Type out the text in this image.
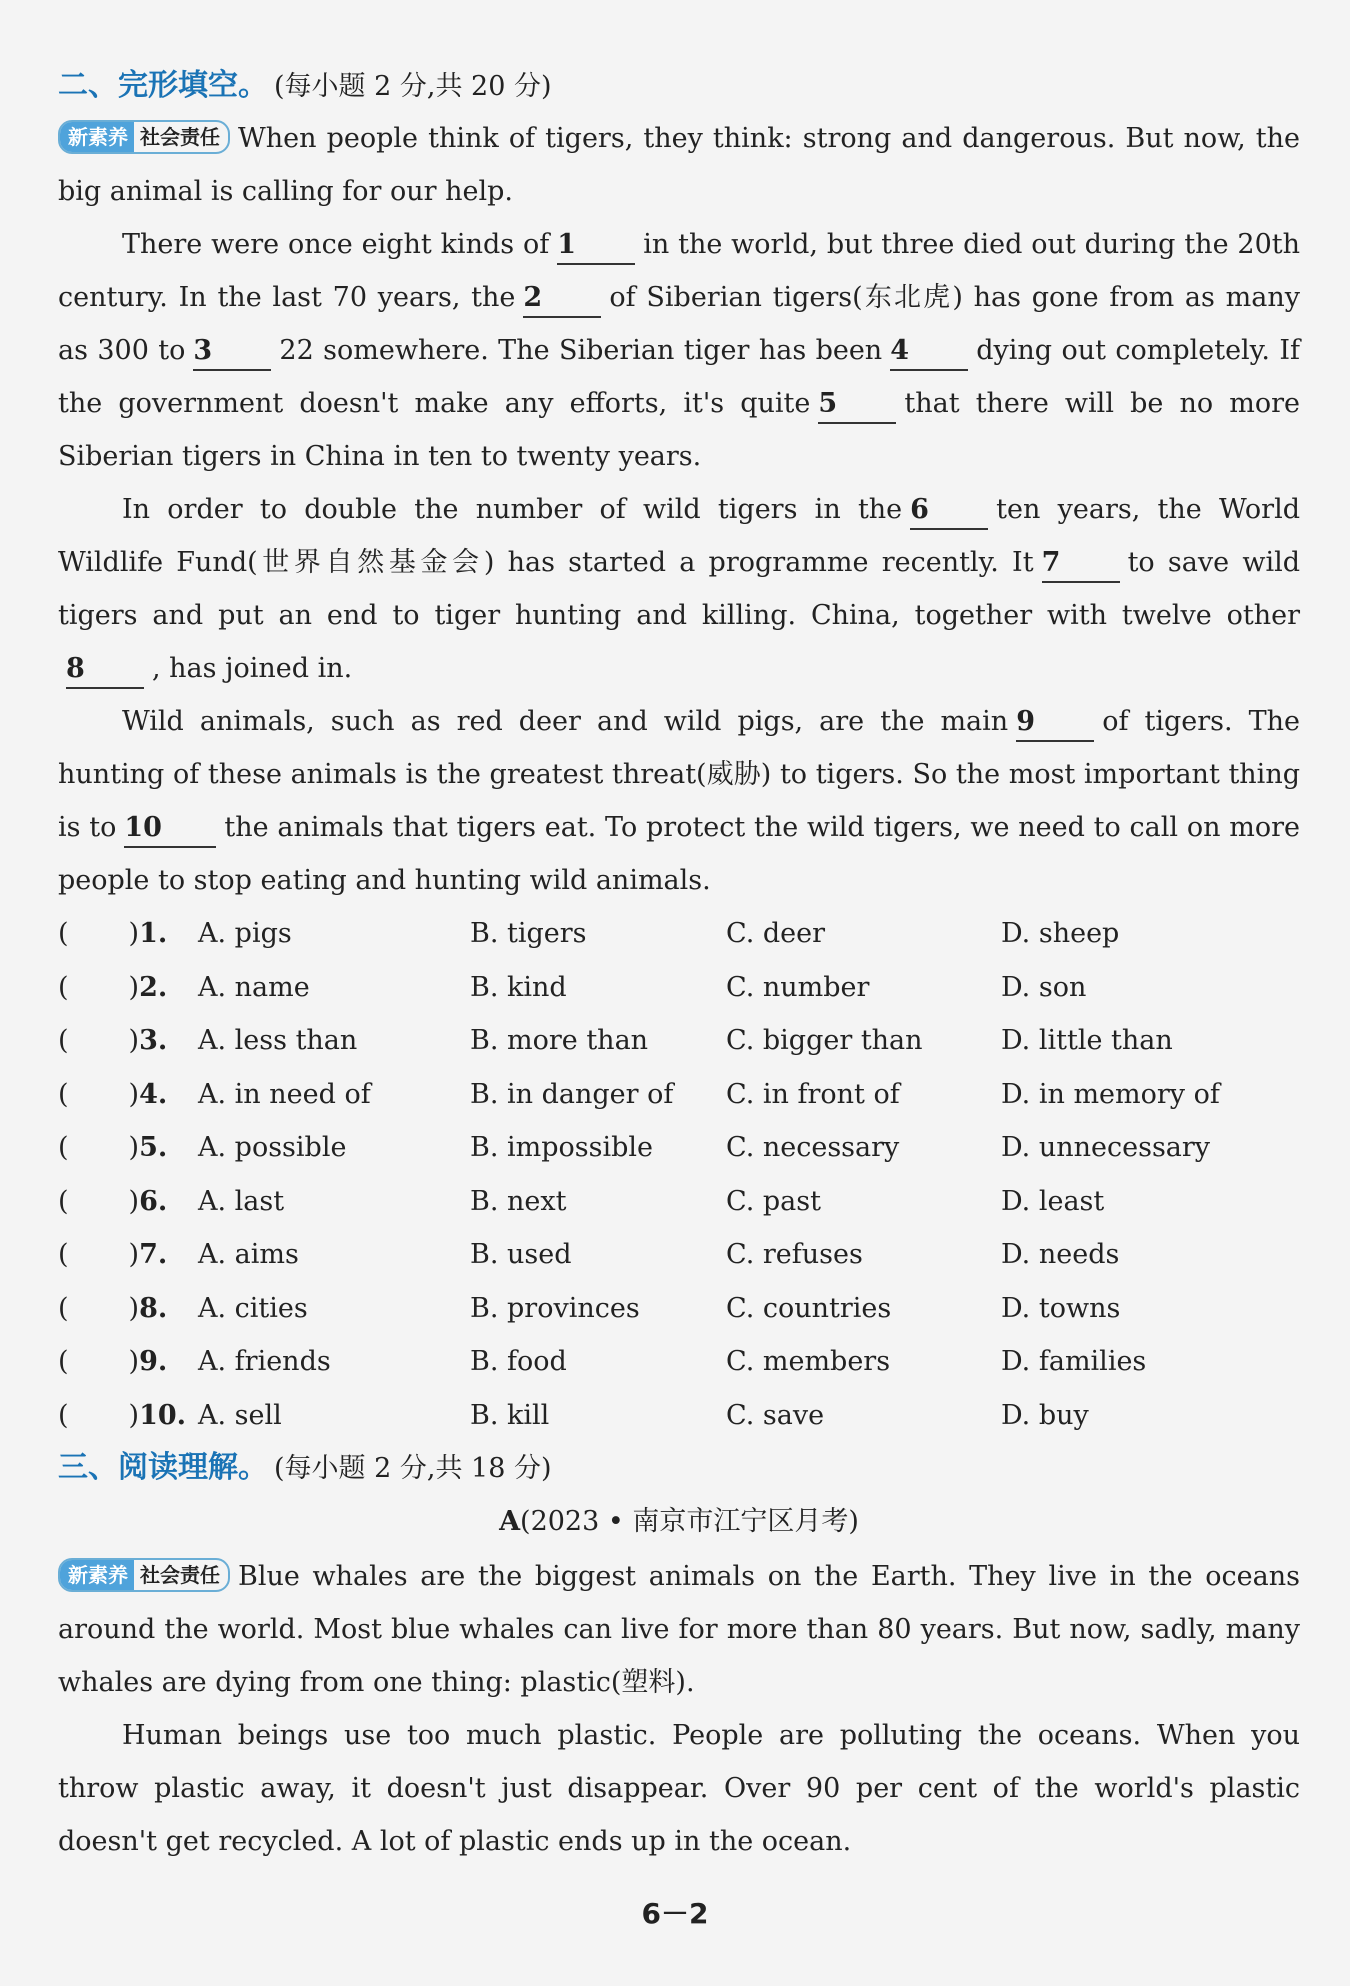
二、完形填空。 (每小题 2 分,共 20 分)

新素养 社会责任 When people think of tigers, they think: strong and dangerous. But now, the big animal is calling for our help.

There were once eight kinds of 1 in the world, but three died out during the 20th century. In the last 70 years, the 2 of Siberian tigers(东北虎) has gone from as many as 300 to 3 22 somewhere. The Siberian tiger has been 4 dying out completely. If the government doesn't make any efforts, it's quite 5 that there will be no more Siberian tigers in China in ten to twenty years.

In order to double the number of wild tigers in the 6 ten years, the World Wildlife Fund(世界自然基金会) has started a programme recently. It 7 to save wild tigers and put an end to tiger hunting and killing. China, together with twelve other8 , has joined in.

Wild animals, such as red deer and wild pigs, are the main 9 of tigers. The hunting of these animals is the greatest threat(威胁) to tigers. So the most important thing is to 10 the animals that tigers eat. To protect the wild tigers, we need to call on more people to stop eating and hunting wild animals.

( )1.	A. pigs	B. tigers	C. deer	D. sheep
( )2.	A. name	B. kind	C. number	D. son
( )3.	A. less than	B. more than	C. bigger than	D. little than
( )4.	A. in need of	B. in danger of	C. in front of	D. in memory of
( )5.	A. possible	B. impossible	C. necessary	D. unnecessary
( )6.	A. last	B. next	C. past	D. least
( )7.	A. aims	B. used	C. refuses	D. needs
( )8.	A. cities	B. provinces	C. countries	D. towns
( )9.	A. friends	B. food	C. members	D. families
( )10.	A. sell	B. kill	C. save	D. buy
三、阅读理解。 (每小题 2 分,共 18 分)
A(2023 • 南京市江宁区月考)

新素养 社会责任 Blue whales are the biggest animals on the Earth. They live in the oceans around the world. Most blue whales can live for more than 80 years. But now, sadly, many whales are dying from one thing: plastic(塑料).

Human beings use too much plastic. People are polluting the oceans. When you throw plastic away, it doesn't just disappear. Over 90 per cent of the world's plastic doesn't get recycled. A lot of plastic ends up in the ocean.

6－2
